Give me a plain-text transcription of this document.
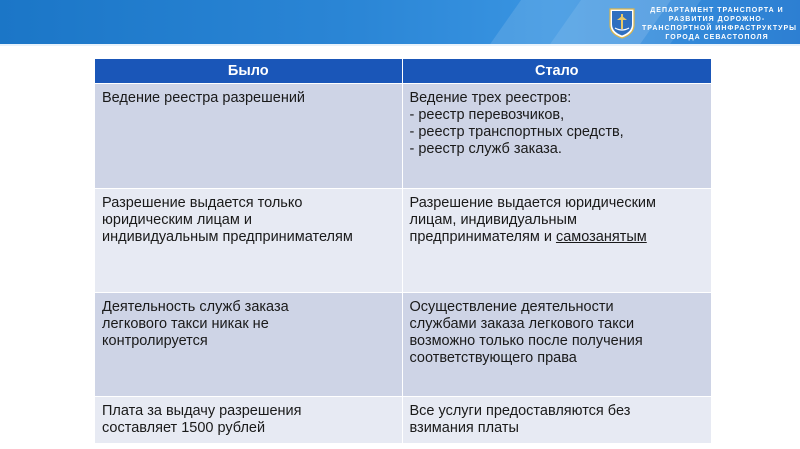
ДЕПАРТАМЕНТ ТРАНСПОРТА И
РАЗВИТИЯ ДОРОЖНО-
ТРАНСПОРТНОЙ ИНФРАСТРУКТУРЫ
ГОРОДА СЕВАСТОПОЛЯ
Было	Стало

Ведение реестра разрешений	Ведение трех реестров:
- реестр перевозчиков,
- реестр транспортных средств,
- реестр служб заказа.

Разрешение выдается только
юридическим лицам и
индивидуальным предпринимателям	Разрешение выдается юридическим
лицам, индивидуальным
предпринимателям и самозанятым

Деятельность служб заказа
легкового такси никак не
контролируется	Осуществление деятельности
службами заказа легкового такси
возможно только после получения
соответствующего права

Плата за выдачу разрешения
составляет 1500 рублей	Все услуги предоставляются без
взимания платы
